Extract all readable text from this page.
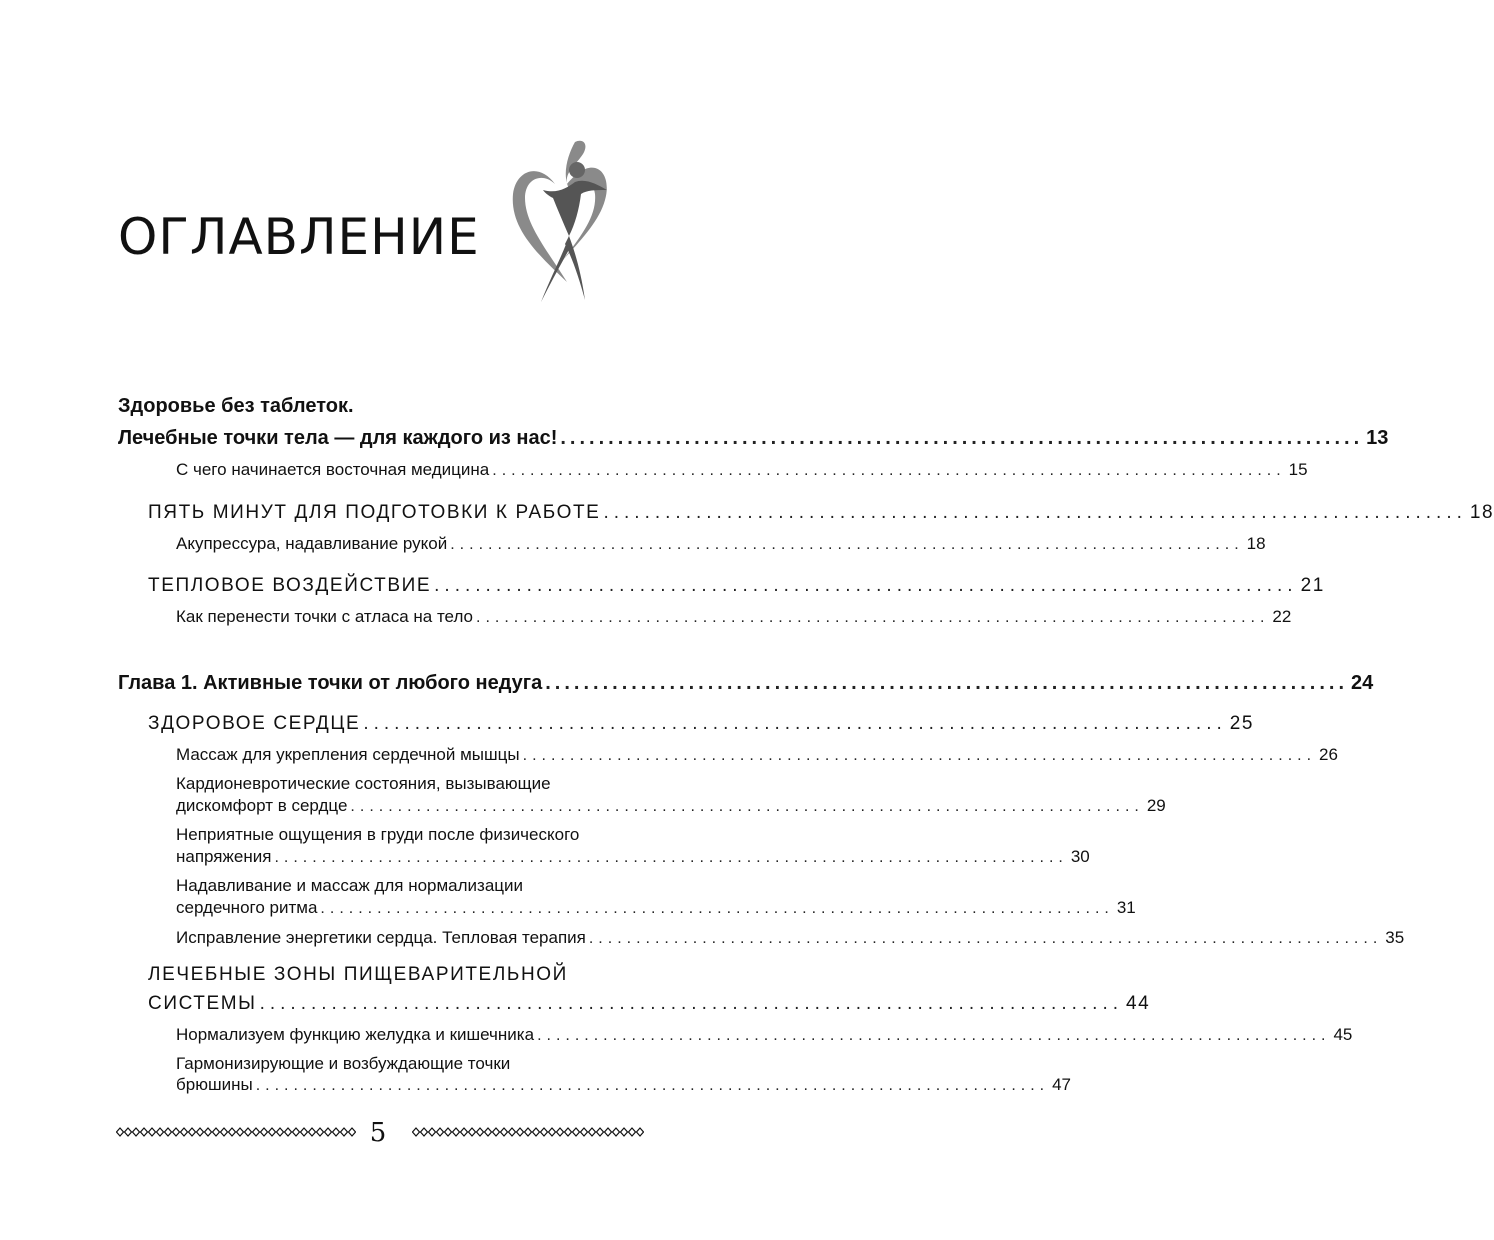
ОГЛАВЛЕНИЕ
Здоровье без таблеток.
Лечебные точки тела — для каждого из нас! .................................................................................... 13
С чего начинается восточная медицина .................................................................................... 15
ПЯТЬ МИНУТ ДЛЯ ПОДГОТОВКИ К РАБОТЕ .................................................................................... 18
Акупрессура, надавливание рукой .................................................................................... 18
ТЕПЛОВОЕ ВОЗДЕЙСТВИЕ .................................................................................... 21
Как перенести точки с атласа на тело .................................................................................... 22
Глава 1. Активные точки от любого недуга .................................................................................... 24
ЗДОРОВОЕ СЕРДЦЕ .................................................................................... 25
Массаж для укрепления сердечной мышцы .................................................................................... 26
Кардионевротические состояния, вызывающие
дискомфорт в сердце .................................................................................... 29
Неприятные ощущения в груди после физического
напряжения .................................................................................... 30
Надавливание и массаж для нормализации
сердечного ритма .................................................................................... 31
Исправление энергетики сердца. Тепловая терапия .................................................................................... 35
ЛЕЧЕБНЫЕ ЗОНЫ ПИЩЕВАРИТЕЛЬНОЙ
СИСТЕМЫ .................................................................................... 44
Нормализуем функцию желудка и кишечника .................................................................................... 45
Гармонизирующие и возбуждающие точки
брюшины .................................................................................... 47
5
